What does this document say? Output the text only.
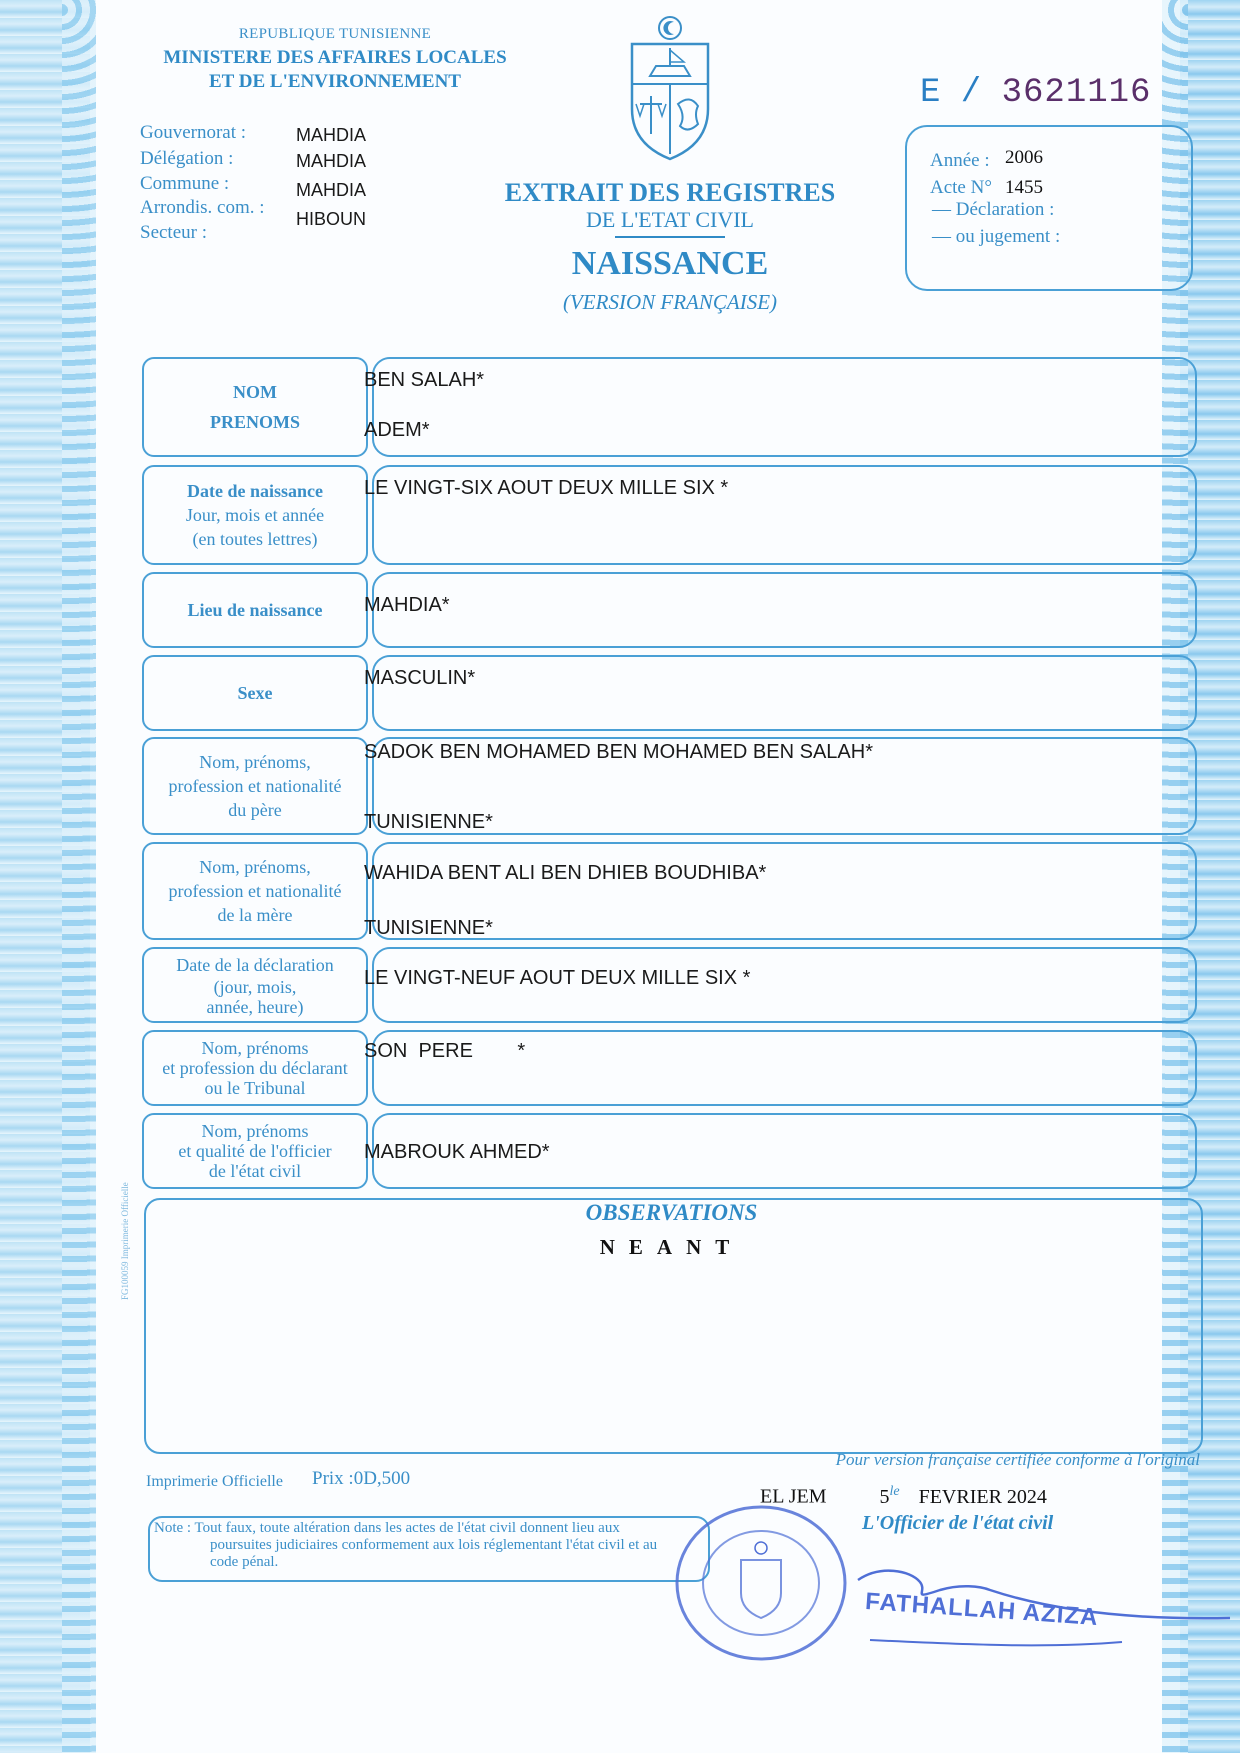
FG100059 Imprimerie Officielle
REPUBLIQUE TUNISIENNE
MINISTERE DES AFFAIRES LOCALES
ET DE L'ENVIRONNEMENT	E / 3621116
Gouvernorat :	MAHDIA
Délégation :	MAHDIA
Commune :	MAHDIA
Arrondis. com. :
HIBOUN
Secteur :
EXTRAIT DES REGISTRES
DE L'ETAT CIVIL
NAISSANCE
(VERSION FRANÇAISE)
Année : 2006
Acte N° 1455
— Déclaration :
— ou jugement :
NOM
PRENOMS
BEN SALAH*
ADEM*
Date de naissance
Jour, mois et année
(en toutes lettres)
LE VINGT-SIX AOUT DEUX MILLE SIX *
Lieu de naissance MAHDIA*
Sexe
MASCULIN*
Nom, prénoms,
profession et nationalité
du père
SADOK BEN MOHAMED BEN MOHAMED BEN SALAH*
TUNISIENNE*
Nom, prénoms,
profession et nationalité
de la mère
WAHIDA BENT ALI BEN DHIEB BOUDHIBA*
TUNISIENNE*
Date de la déclaration
(jour, mois,
année, heure)
LE VINGT-NEUF AOUT DEUX MILLE SIX *
Nom, prénoms
et profession du déclarant
ou le Tribunal
SON  PERE        *
Nom, prénoms
et qualité de l'officier
de l'état civil
MABROUK AHMED*
OBSERVATIONS
NEANT
Imprimerie Officielle Prix :0D,500
Pour version française certifiée conforme à l'original
EL JEM	$5^{le}$ FEVRIER 2024
L'Officier de l'état civil
Note : Tout faux, toute altération dans les actes de l'état civil donnent lieu aux
poursuites judiciaires conformement aux lois réglementant l'état civil et au
code pénal.
FATHALLAH AZIZA
